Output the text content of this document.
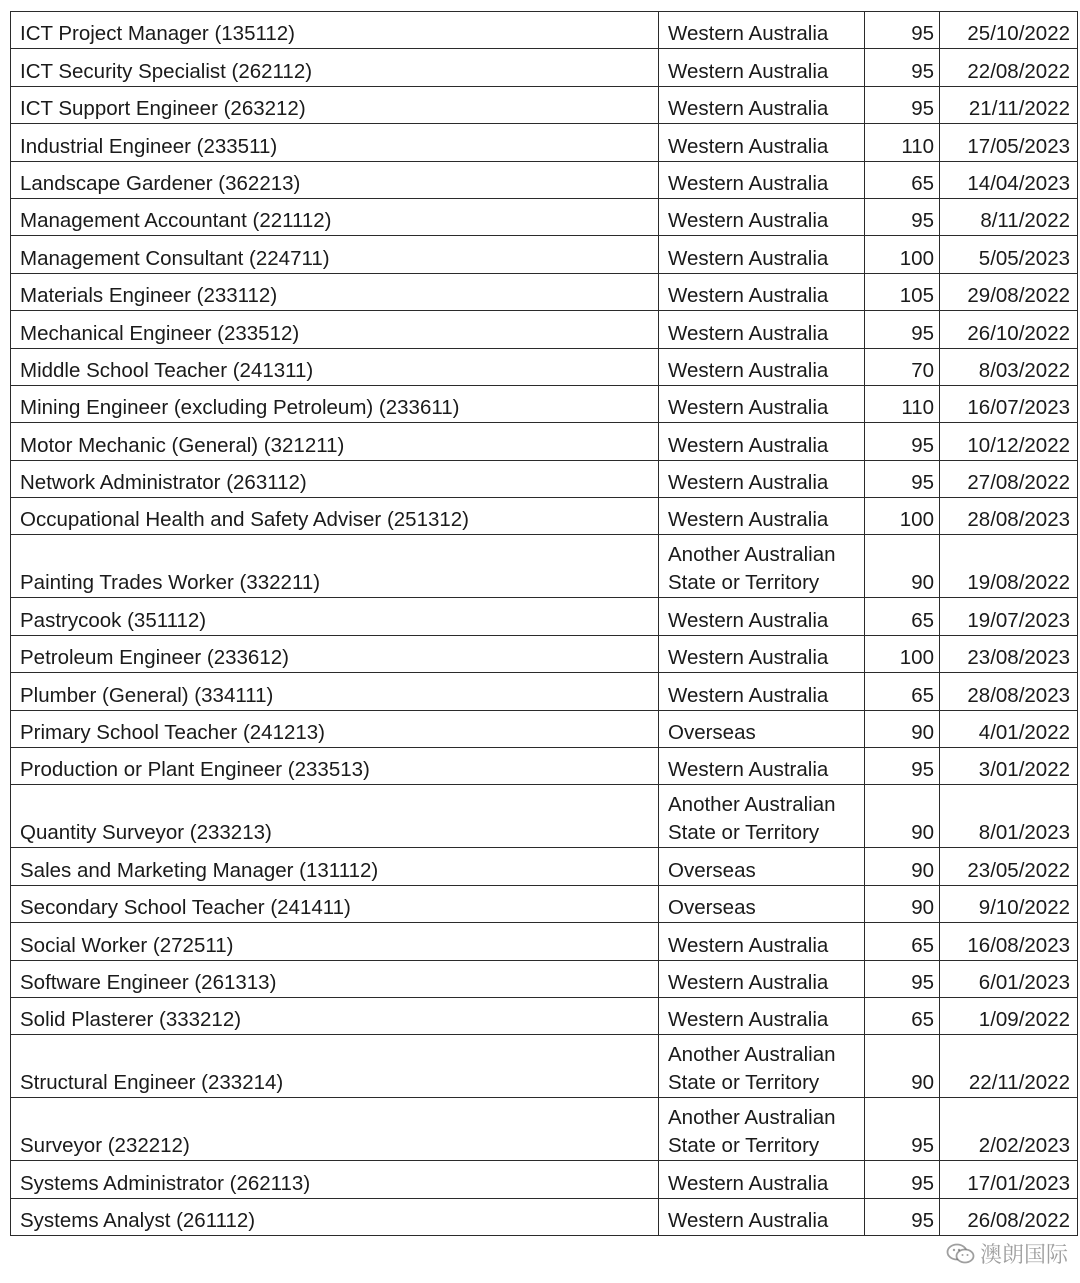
ICT Project Manager (135112)	Western Australia	95	25/10/2022
ICT Security Specialist (262112)	Western Australia	95	22/08/2022
ICT Support Engineer (263212)	Western Australia	95	21/11/2022
Industrial Engineer (233511)	Western Australia	110	17/05/2023
Landscape Gardener (362213)	Western Australia	65	14/04/2023
Management Accountant (221112)	Western Australia	95	8/11/2022
Management Consultant (224711)	Western Australia	100	5/05/2023
Materials Engineer (233112)	Western Australia	105	29/08/2022
Mechanical Engineer (233512)	Western Australia	95	26/10/2022
Middle School Teacher (241311)	Western Australia	70	8/03/2022
Mining Engineer (excluding Petroleum) (233611)	Western Australia	110	16/07/2023
Motor Mechanic (General) (321211)	Western Australia	95	10/12/2022
Network Administrator (263112)	Western Australia	95	27/08/2022
Occupational Health and Safety Adviser (251312)	Western Australia	100	28/08/2023
Painting Trades Worker (332211)	Another Australian State or Territory	90	19/08/2022
Pastrycook (351112)	Western Australia	65	19/07/2023
Petroleum Engineer (233612)	Western Australia	100	23/08/2023
Plumber (General) (334111)	Western Australia	65	28/08/2023
Primary School Teacher (241213)	Overseas	90	4/01/2022
Production or Plant Engineer (233513)	Western Australia	95	3/01/2022
Quantity Surveyor (233213)	Another Australian State or Territory	90	8/01/2023
Sales and Marketing Manager (131112)	Overseas	90	23/05/2022
Secondary School Teacher (241411)	Overseas	90	9/10/2022
Social Worker (272511)	Western Australia	65	16/08/2023
Software Engineer (261313)	Western Australia	95	6/01/2023
Solid Plasterer (333212)	Western Australia	65	1/09/2022
Structural Engineer (233214)	Another Australian State or Territory	90	22/11/2022
Surveyor (232212)	Another Australian State or Territory	95	2/02/2023
Systems Administrator (262113)	Western Australia	95	17/01/2023
Systems Analyst (261112)	Western Australia	95	26/08/2022
澳朗国际
